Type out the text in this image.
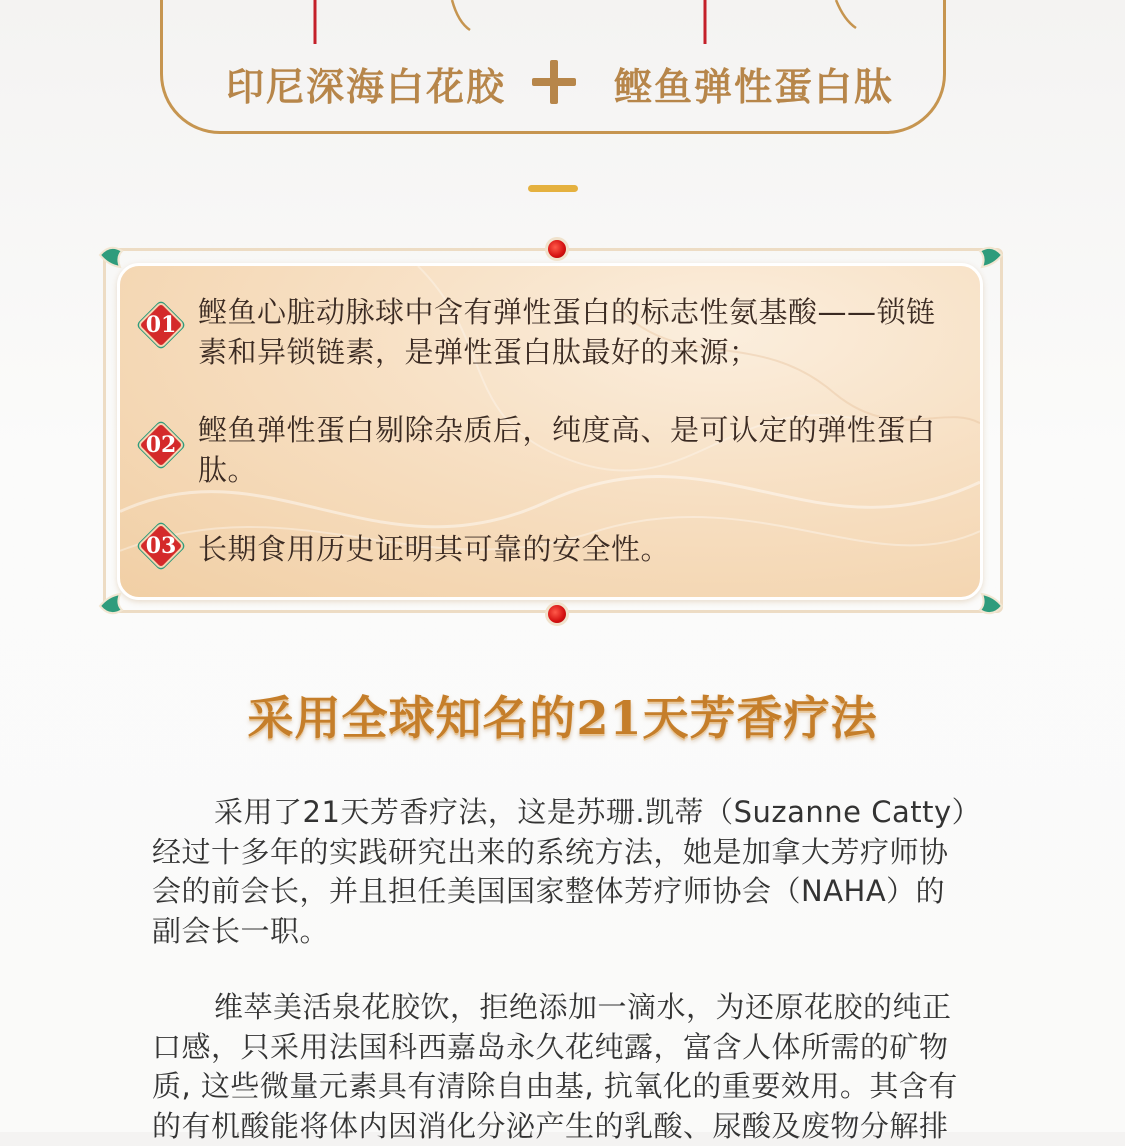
印尼深海白花胶	鲣鱼弹性蛋白肽
01 鲣鱼心脏动脉球中含有弹性蛋白的标志性氨基酸——锁链素和异锁链素，是弹性蛋白肽最好的来源；
02 鲣鱼弹性蛋白剔除杂质后，纯度高、是可认定的弹性蛋白肽。
03 长期食用历史证明其可靠的安全性。
采用全球知名的21天芳香疗法
采用了21天芳香疗法，这是苏珊.凯蒂（Suzanne Catty）经过十多年的实践研究出来的系统方法，她是加拿大芳疗师协会的前会长，并且担任美国国家整体芳疗师协会（NAHA）的副会长一职。
维萃美活泉花胶饮，拒绝添加一滴水，为还原花胶的纯正口感，只采用法国科西嘉岛永久花纯露，富含人体所需的矿物质, 这些微量元素具有清除自由基, 抗氧化的重要效用。其含有的有机酸能将体内因消化分泌产生的乳酸、尿酸及废物分解排
